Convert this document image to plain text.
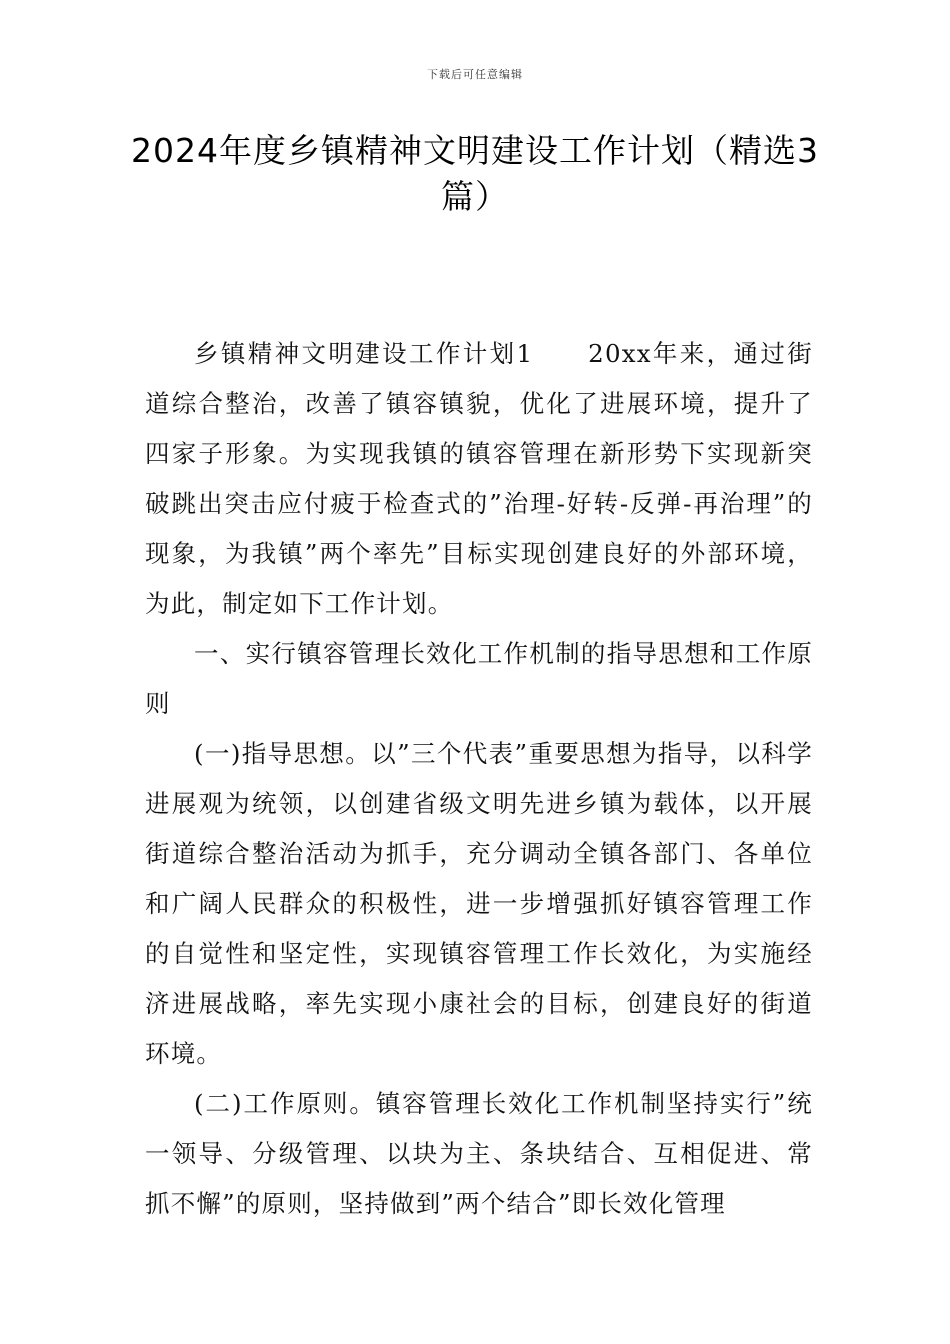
下载后可任意编辑
2024年度乡镇精神文明建设工作计划（精选3篇）

乡镇精神文明建设工作计划1　　20xx年来，通过街道综合整治，改善了镇容镇貌，优化了进展环境，提升了四家子形象。为实现我镇的镇容管理在新形势下实现新突破跳出突击应付疲于检查式的”治理-好转-反弹-再治理”的现象，为我镇”两个率先”目标实现创建良好的外部环境，为此，制定如下工作计划。

一、实行镇容管理长效化工作机制的指导思想和工作原则

(一)指导思想。以”三个代表”重要思想为指导，以科学进展观为统领，以创建省级文明先进乡镇为载体，以开展街道综合整治活动为抓手，充分调动全镇各部门、各单位和广阔人民群众的积极性，进一步增强抓好镇容管理工作的自觉性和坚定性，实现镇容管理工作长效化，为实施经济进展战略，率先实现小康社会的目标，创建良好的街道环境。

(二)工作原则。镇容管理长效化工作机制坚持实行”统一领导、分级管理、以块为主、条块结合、互相促进、常抓不懈”的原则，坚持做到”两个结合”即长效化管理
